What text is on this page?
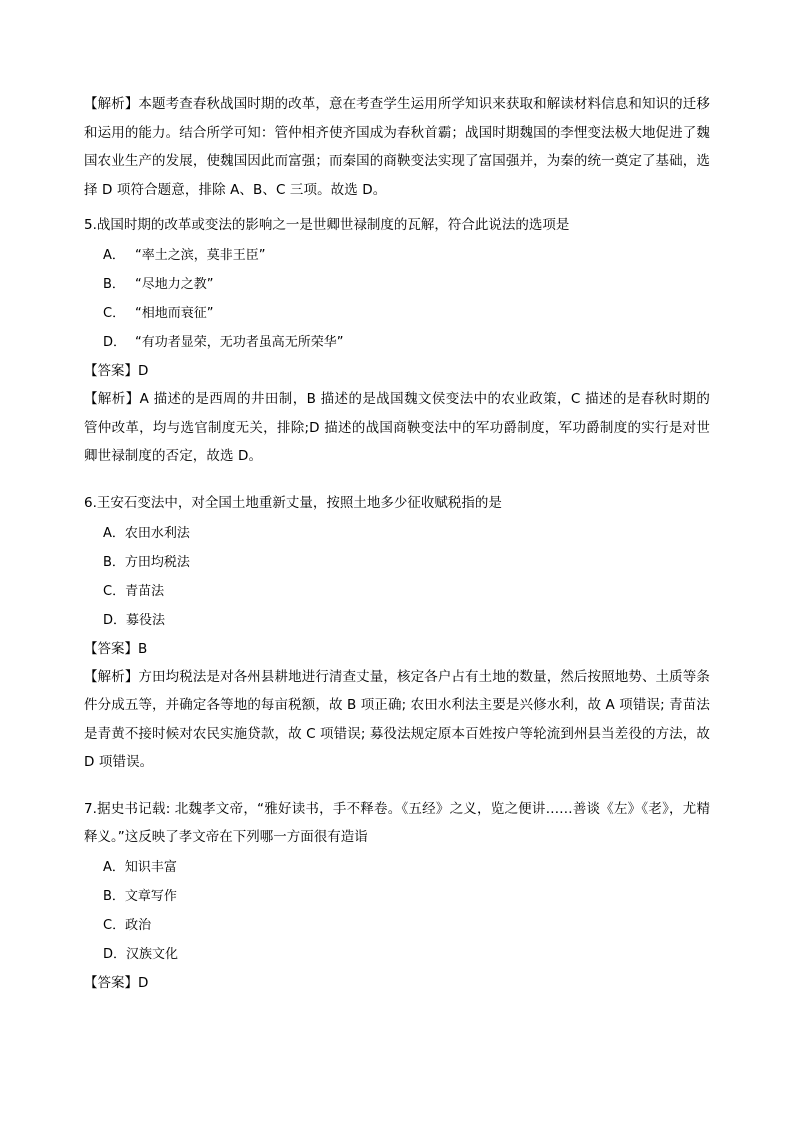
【解析】本题考查春秋战国时期的改革，意在考查学生运用所学知识来获取和解读材料信息和知识的迁移和运用的能力。结合所学可知：管仲相齐使齐国成为春秋首霸；战国时期魏国的李悝变法极大地促进了魏国农业生产的发展，使魏国因此而富强；而秦国的商鞅变法实现了富国强并，为秦的统一奠定了基础，选择 D 项符合题意，排除 A、B、C 三项。故选 D。

5.战国时期的改革或变法的影响之一是世卿世禄制度的瓦解，符合此说法的选项是

A． “率土之滨，莫非王臣”

B． “尽地力之教”

C． “相地而衰征”

D． “有功者显荣，无功者虽高无所荣华”

【答案】D

【解析】A 描述的是西周的井田制，B 描述的是战国魏文侯变法中的农业政策，C 描述的是春秋时期的管仲改革，均与选官制度无关，排除;D 描述的战国商鞅变法中的军功爵制度，军功爵制度的实行是对世卿世禄制度的否定，故选 D。

6.王安石变法中，对全国土地重新丈量，按照土地多少征收赋税指的是

A．农田水利法

B．方田均税法

C．青苗法

D．募役法

【答案】B

【解析】方田均税法是对各州县耕地进行清查丈量，核定各户占有土地的数量，然后按照地势、土质等条件分成五等，并确定各等地的每亩税额，故 B 项正确; 农田水利法主要是兴修水利，故 A 项错误; 青苗法是青黄不接时候对农民实施贷款，故 C 项错误; 募役法规定原本百姓按户等轮流到州县当差役的方法，故 D 项错误。

7.据史书记载: 北魏孝文帝，“雅好读书，手不释卷。《五经》之义，览之便讲……善谈《左》《老》，尤精释义。”这反映了孝文帝在下列哪一方面很有造诣

A．知识丰富

B．文章写作

C．政治

D．汉族文化

【答案】D
